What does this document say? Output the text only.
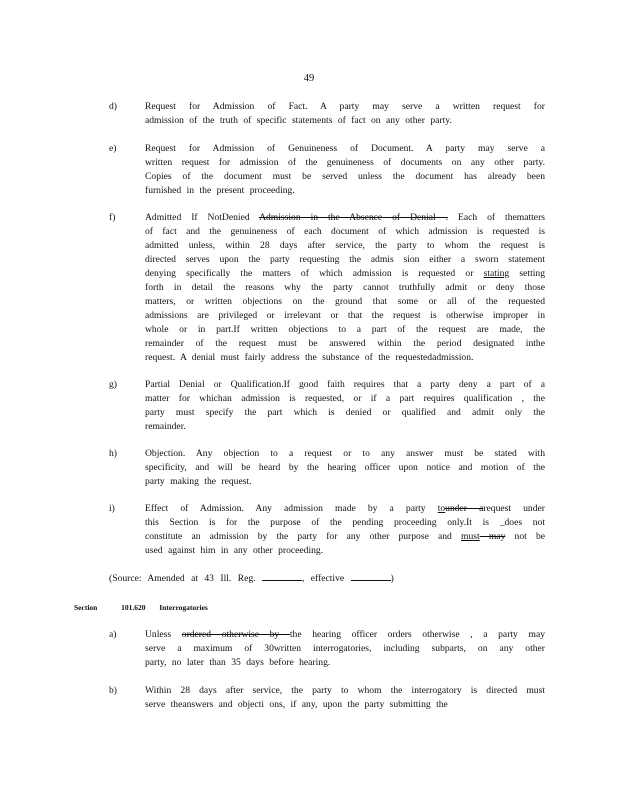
49
d)	Request for Admission of Fact. A party may serve a written request for
admission of the truth of specific statements of fact on any other party.
e)	Request for Admission of Genuineness of Document. A party may serve a
written request for admission of the genuineness of documents on any other party.
Copies of the document must be served unless the document has already been
furnished in the present proceeding.
f)	Admitted If NotDenied Admission in the Absence of Denial . Each of thematters
of fact and the genuineness of each document of which admission is requested is
admitted unless, within 28 days after service, the party to whom the request is
directed serves upon the party requesting the admis sion either a sworn statement
denying specifically the matters of which admission is requested or stating setting
forth in detail the reasons why the party cannot truthfully admit or deny those
matters, or written objections on the ground that some or all of the requested
admissions are privileged or irrelevant or that the request is otherwise improper in
whole or in part.If written objections to a part of the request are made, the
remainder of the request must be answered within the period designated inthe
request. A denial must fairly address the substance of the requestedadmission.
g)	Partial Denial or Qualification.If good faith requires that a party deny a part of a
matter for whichan admission is requested, or if a part requires qualification , the
party must specify the part which is denied or qualified and admit only the
remainder.
h)	Objection. Any objection to a request or to any answer must be stated with
specificity, and will be heard by the hearing officer upon notice and motion of the
party making the request.
i)	Effect of Admission. Any admission made by a party tounder arequest under
this Section is for the purpose of the pending proceeding only.It is _does not
constitute an admission by the party for any other purpose and must may not be
used against him in any other proceeding.
a)	Unless ordered otherwise by the hearing officer orders otherwise , a party may
serve a maximum of 30written interrogatories, including subparts, on any other
party, no later than 35 days before hearing.
b)	Within 28 days after service, the party to whom the interrogatory is directed must
serve theanswers and objecti ons, if any, upon the party submitting the
(Source: Amended at 43 Ill. Reg.	, effective	)
Section	101.620 Interrogatories
